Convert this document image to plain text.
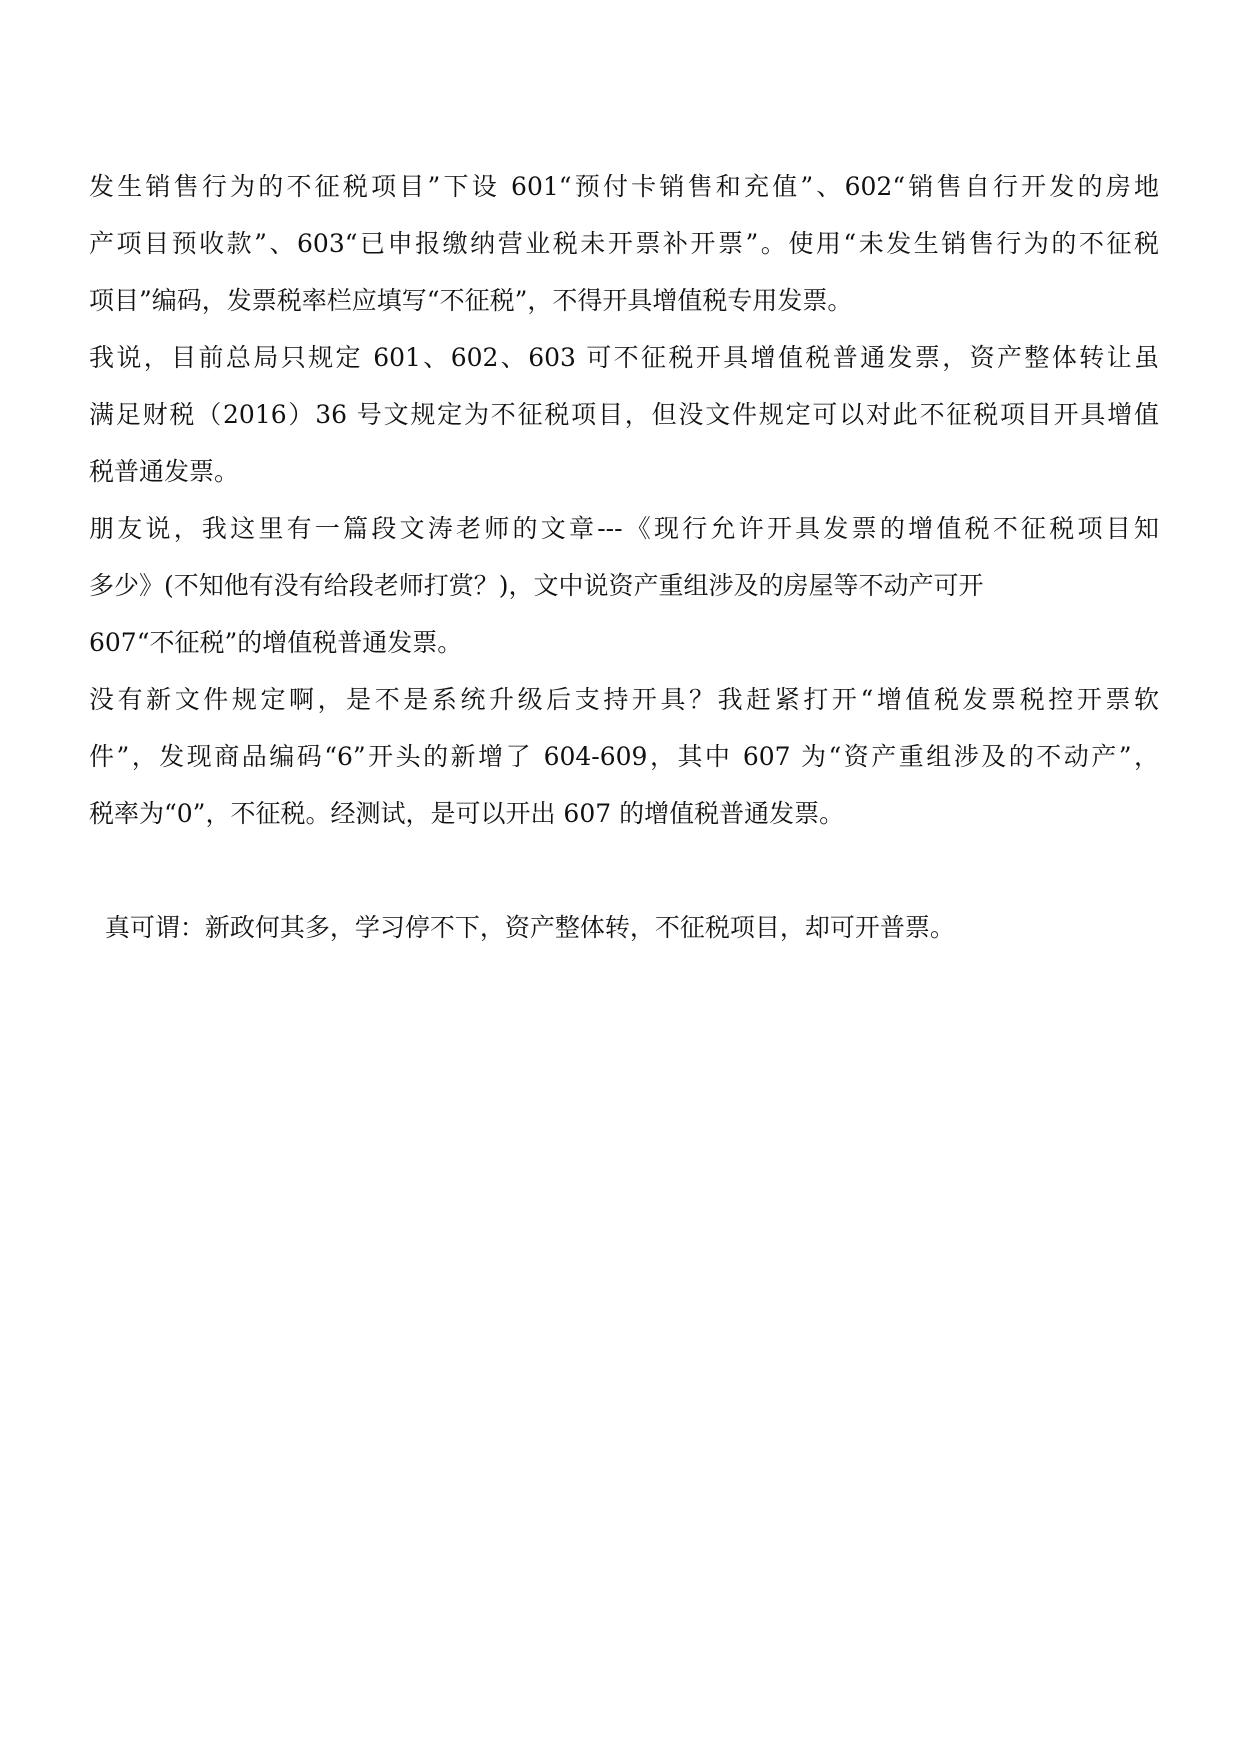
发生销售行为的不征税项目”下设 601“预付卡销售和充值”、602“销售自行开发的房地

产项目预收款”、603“已申报缴纳营业税未开票补开票”。使用“未发生销售行为的不征税

项目”编码，发票税率栏应填写“不征税”，不得开具增值税专用发票。

我说，目前总局只规定 601、602、603 可不征税开具增值税普通发票，资产整体转让虽

满足财税（2016）36 号文规定为不征税项目，但没文件规定可以对此不征税项目开具增值

税普通发票。

朋友说，我这里有一篇段文涛老师的文章---《现行允许开具发票的增值税不征税项目知

多少》(不知他有没有给段老师打赏？)，文中说资产重组涉及的房屋等不动产可开

607“不征税”的增值税普通发票。

没有新文件规定啊，是不是系统升级后支持开具？我赶紧打开“增值税发票税控开票软

件”，发现商品编码“6”开头的新增了 604-609，其中 607 为“资产重组涉及的不动产”，

税率为“0”，不征税。经测试，是可以开出 607 的增值税普通发票。

真可谓：新政何其多，学习停不下，资产整体转，不征税项目，却可开普票。
